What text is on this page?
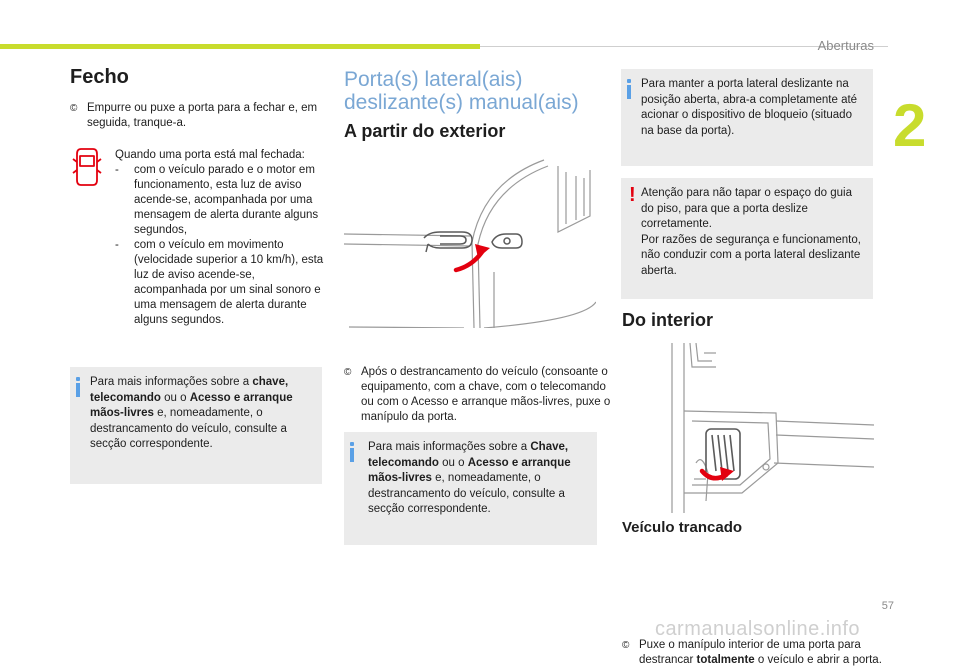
Aberturas
2
Fecho
© Empurre ou puxe a porta para a fechar e, em seguida, tranque-a.
Quando uma porta está mal fechada:
- com o veículo parado e o motor em funcionamento, esta luz de aviso acende-se, acompanhada por uma mensagem de alerta durante alguns segundos,
- com o veículo em movimento (velocidade superior a 10 km/h), esta luz de aviso acende-se, acompanhada por um sinal sonoro e uma mensagem de alerta durante alguns segundos.
Para mais informações sobre a chave, telecomando ou o Acesso e arranque mãos-livres e, nomeadamente, o destrancamento do veículo, consulte a secção correspondente.
Porta(s) lateral(ais) deslizante(s) manual(ais)
A partir do exterior
© Após o destrancamento do veículo (consoante o equipamento, com a chave, com o telecomando ou com o Acesso e arranque mãos-livres, puxe o manípulo da porta.
Para mais informações sobre a Chave, telecomando ou o Acesso e arranque mãos-livres e, nomeadamente, o destrancamento do veículo, consulte a secção correspondente.
Para manter a porta lateral deslizante na posição aberta, abra-a completamente até acionar o dispositivo de bloqueio (situado na base da porta).
! Atenção para não tapar o espaço do guia do piso, para que a porta deslize corretamente.
Por razões de segurança e funcionamento, não conduzir com a porta lateral deslizante aberta.
Do interior
Veículo trancado
© Puxe o manípulo interior de uma porta para destrancar totalmente o veículo e abrir a porta.
57
carmanualsonline.info
